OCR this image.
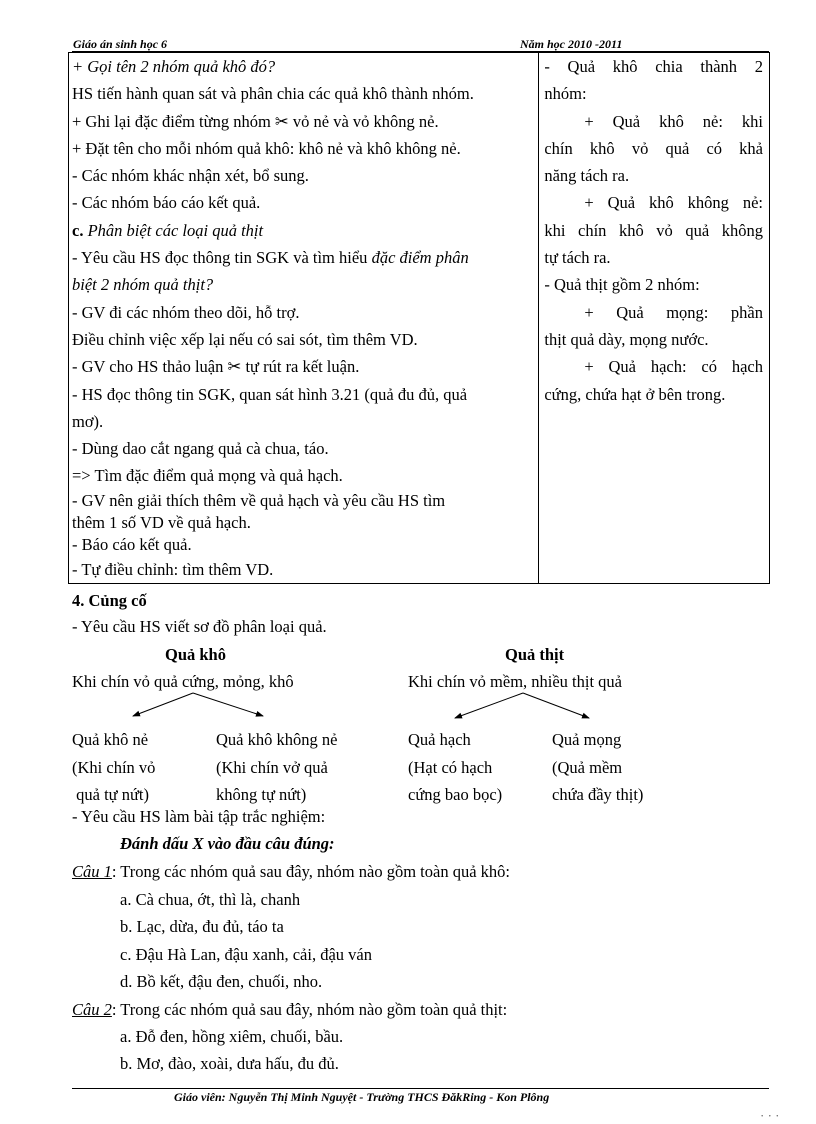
Giáo án sinh học 6	Năm học 2010 -2011
+ Gọi tên 2 nhóm quả khô đó?
HS tiến hành quan sát và phân chia các quả khô thành nhóm.
+ Ghi lại đặc điểm từng nhóm ✂ vỏ nẻ và vỏ không nẻ.
+ Đặt tên cho mỗi nhóm quả khô: khô nẻ và khô không nẻ.
- Các nhóm khác nhận xét, bổ sung.
- Các nhóm báo cáo kết quả.
c. Phân biệt các loại quả thịt
- Yêu cầu HS đọc thông tin SGK và tìm hiểu đặc điểm phân
biệt 2 nhóm quả thịt?
- GV đi các nhóm theo dõi, hỗ trợ.
Điều chỉnh việc xếp lại nếu có sai sót, tìm thêm VD.
- GV cho HS thảo luận ✂ tự rút ra kết luận.
- HS đọc thông tin SGK, quan sát hình 3.21 (quả đu đủ, quả
mơ).
- Dùng dao cắt ngang quả cà chua, táo.
=> Tìm đặc điểm quả mọng và quả hạch.
- GV nên giải thích thêm về quả hạch và yêu cầu HS tìm
thêm 1 số VD về quả hạch.
- Báo cáo kết quả.
- Tự điều chỉnh: tìm thêm VD.

- Quả khô chia thành 2
nhóm:
+ Quả khô nẻ: khi
chín khô vỏ quả có khả
năng tách ra.
+ Quả khô không nẻ:
khi chín khô vỏ quả không
tự tách ra.
- Quả thịt gồm 2 nhóm:
+ Quả mọng: phần
thịt quả dày, mọng nước.
+ Quả hạch: có hạch
cứng, chứa hạt ở bên trong.
4. Củng cố
- Yêu cầu HS viết sơ đồ phân loại quả.
Quả khô
Khi chín vỏ quả cứng, mỏng, khô
Quả thịt
Khi chín vỏ mềm, nhiều thịt quả
Quả khô nẻ
(Khi chín vỏ
quả tự nứt)
Quả khô không nẻ
(Khi chín vở quả
không tự nứt)
Quả hạch
(Hạt có hạch
cứng bao bọc)
Quả mọng
(Quả mềm
chứa đầy thịt)
- Yêu cầu HS làm bài tập trắc nghiệm:
Đánh dấu X vào đầu câu đúng:
Câu 1: Trong các nhóm quả sau đây, nhóm nào gồm toàn quả khô:
a. Cà chua, ớt, thì là, chanh
b. Lạc, dừa, đu đủ, táo ta
c. Đậu Hà Lan, đậu xanh, cải, đậu ván
d. Bồ kết, đậu đen, chuối, nho.
Câu 2: Trong các nhóm quả sau đây, nhóm nào gồm toàn quả thịt:
a. Đỗ đen, hồng xiêm, chuối, bầu.
b. Mơ, đào, xoài, dưa hấu, đu đủ.
Giáo viên: Nguyễn Thị Minh Nguyệt - Trường THCS ĐăkRing - Kon Plông
· · ·
